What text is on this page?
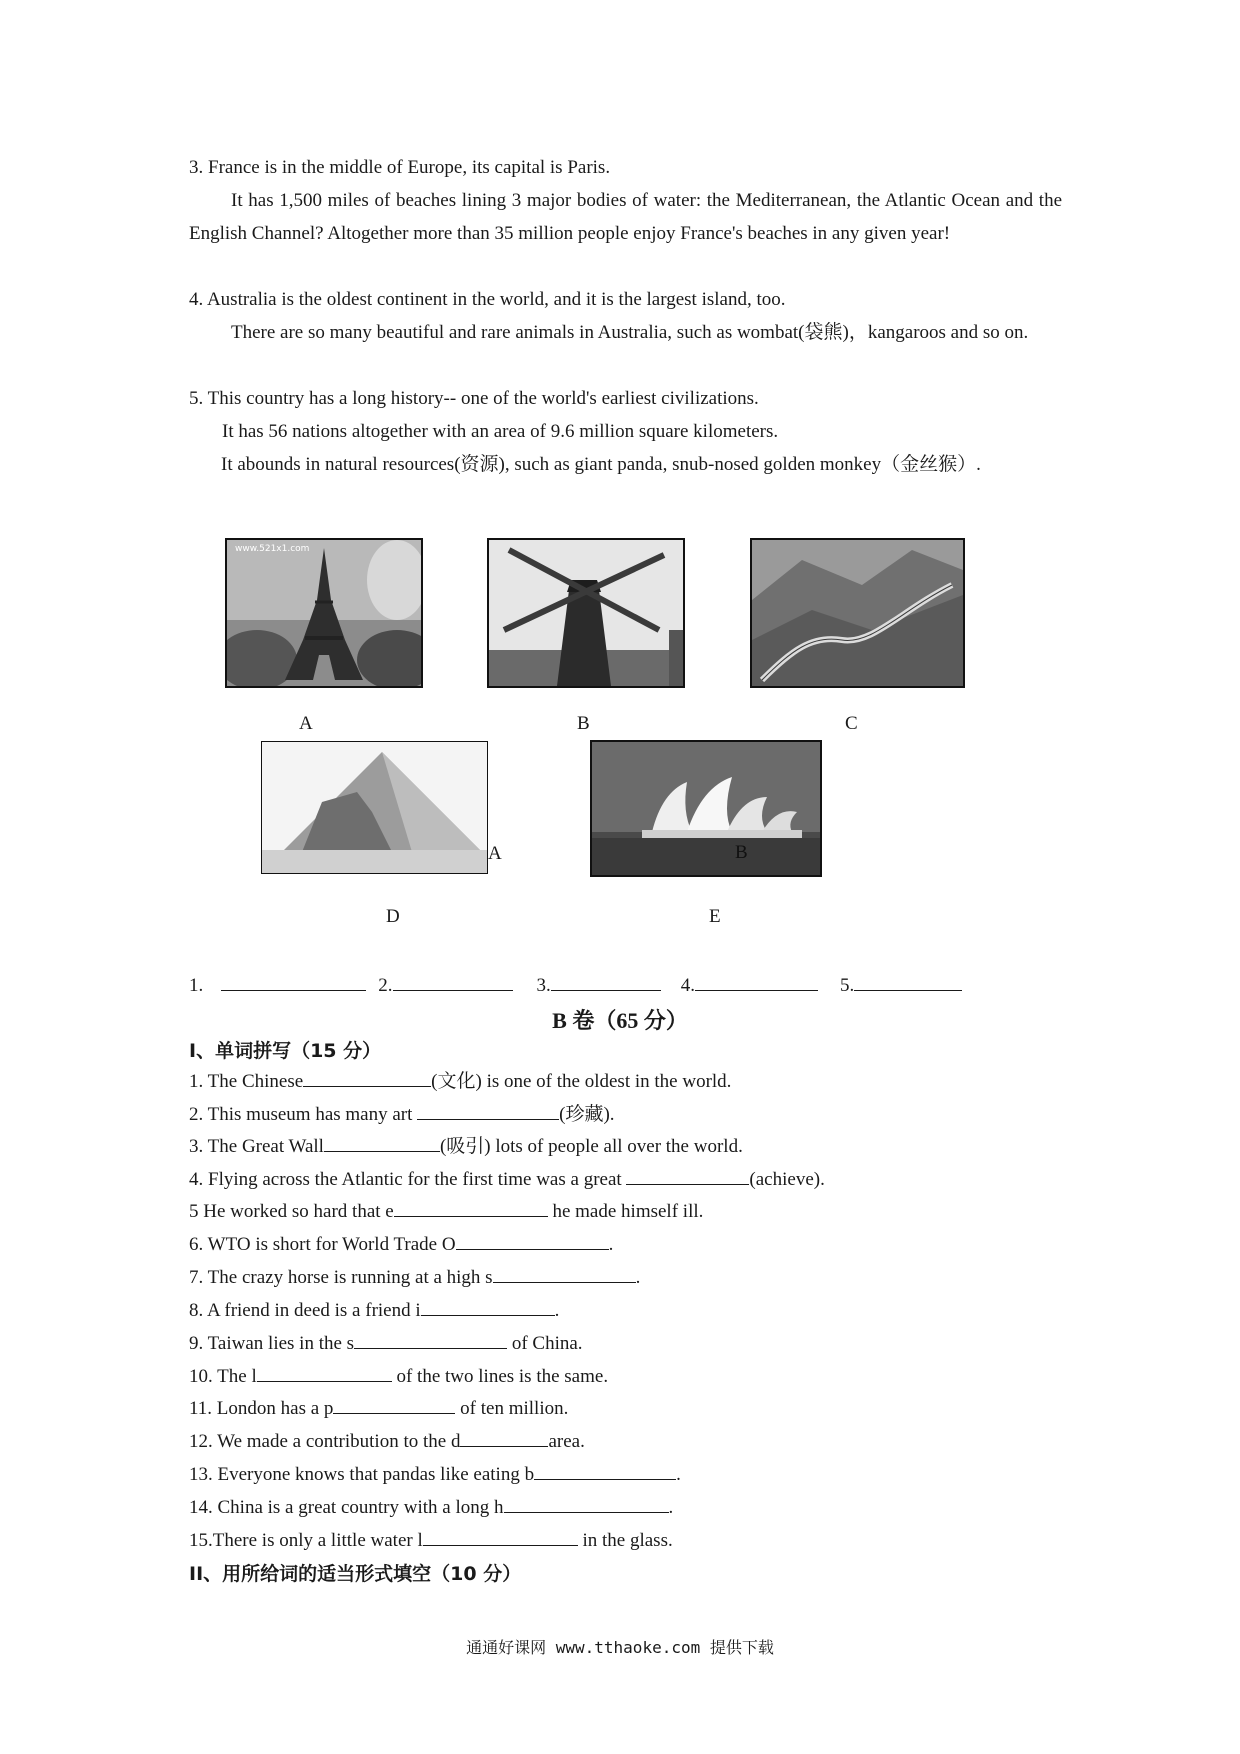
3. France is in the middle of Europe, its capital is Paris.
It has 1,500 miles of beaches lining 3 major bodies of water: the Mediterranean, the Atlantic Ocean and the English Channel? Altogether more than 35 million people enjoy France's beaches in any given year!
4. Australia is the oldest continent in the world, and it is the largest island, too.
There are so many beautiful and rare animals in Australia, such as wombat(袋熊)，kangaroos and so on.
5. This country has a long history-- one of the world's earliest civilizations.
It has 56 nations altogether with an area of 9.6 million square kilometers.
It abounds in natural resources(资源), such as giant panda, snub-nosed golden monkey（金丝猴）.
www.521x1.com
A	B	C
A	B
D	E
1.	2.	3.	4.	5.
B 卷（65 分）
I、单词拼写（15 分）
1. The Chinese	(文化) is one of the oldest in the world.
2. This museum has many art	(珍藏).
3. The Great Wall	(吸引) lots of people all over the world.
4. Flying across the Atlantic for the first time was a great	(achieve).
5 He worked so hard that e	he made himself ill.
6. WTO is short for World Trade O	.
7. The crazy horse is running at a high s	.
8. A friend in deed is a friend i	.
9. Taiwan lies in the s	of China.
10. The l	of the two lines is the same.
11. London has a p	of ten million.
12. We made a contribution to the d	area.
13. Everyone knows that pandas like eating b	.
14. China is a great country with a long h	.
15.There is only a little water l	in the glass.
II、用所给词的适当形式填空（10 分）
通通好课网 www.tthaoke.com 提供下载
